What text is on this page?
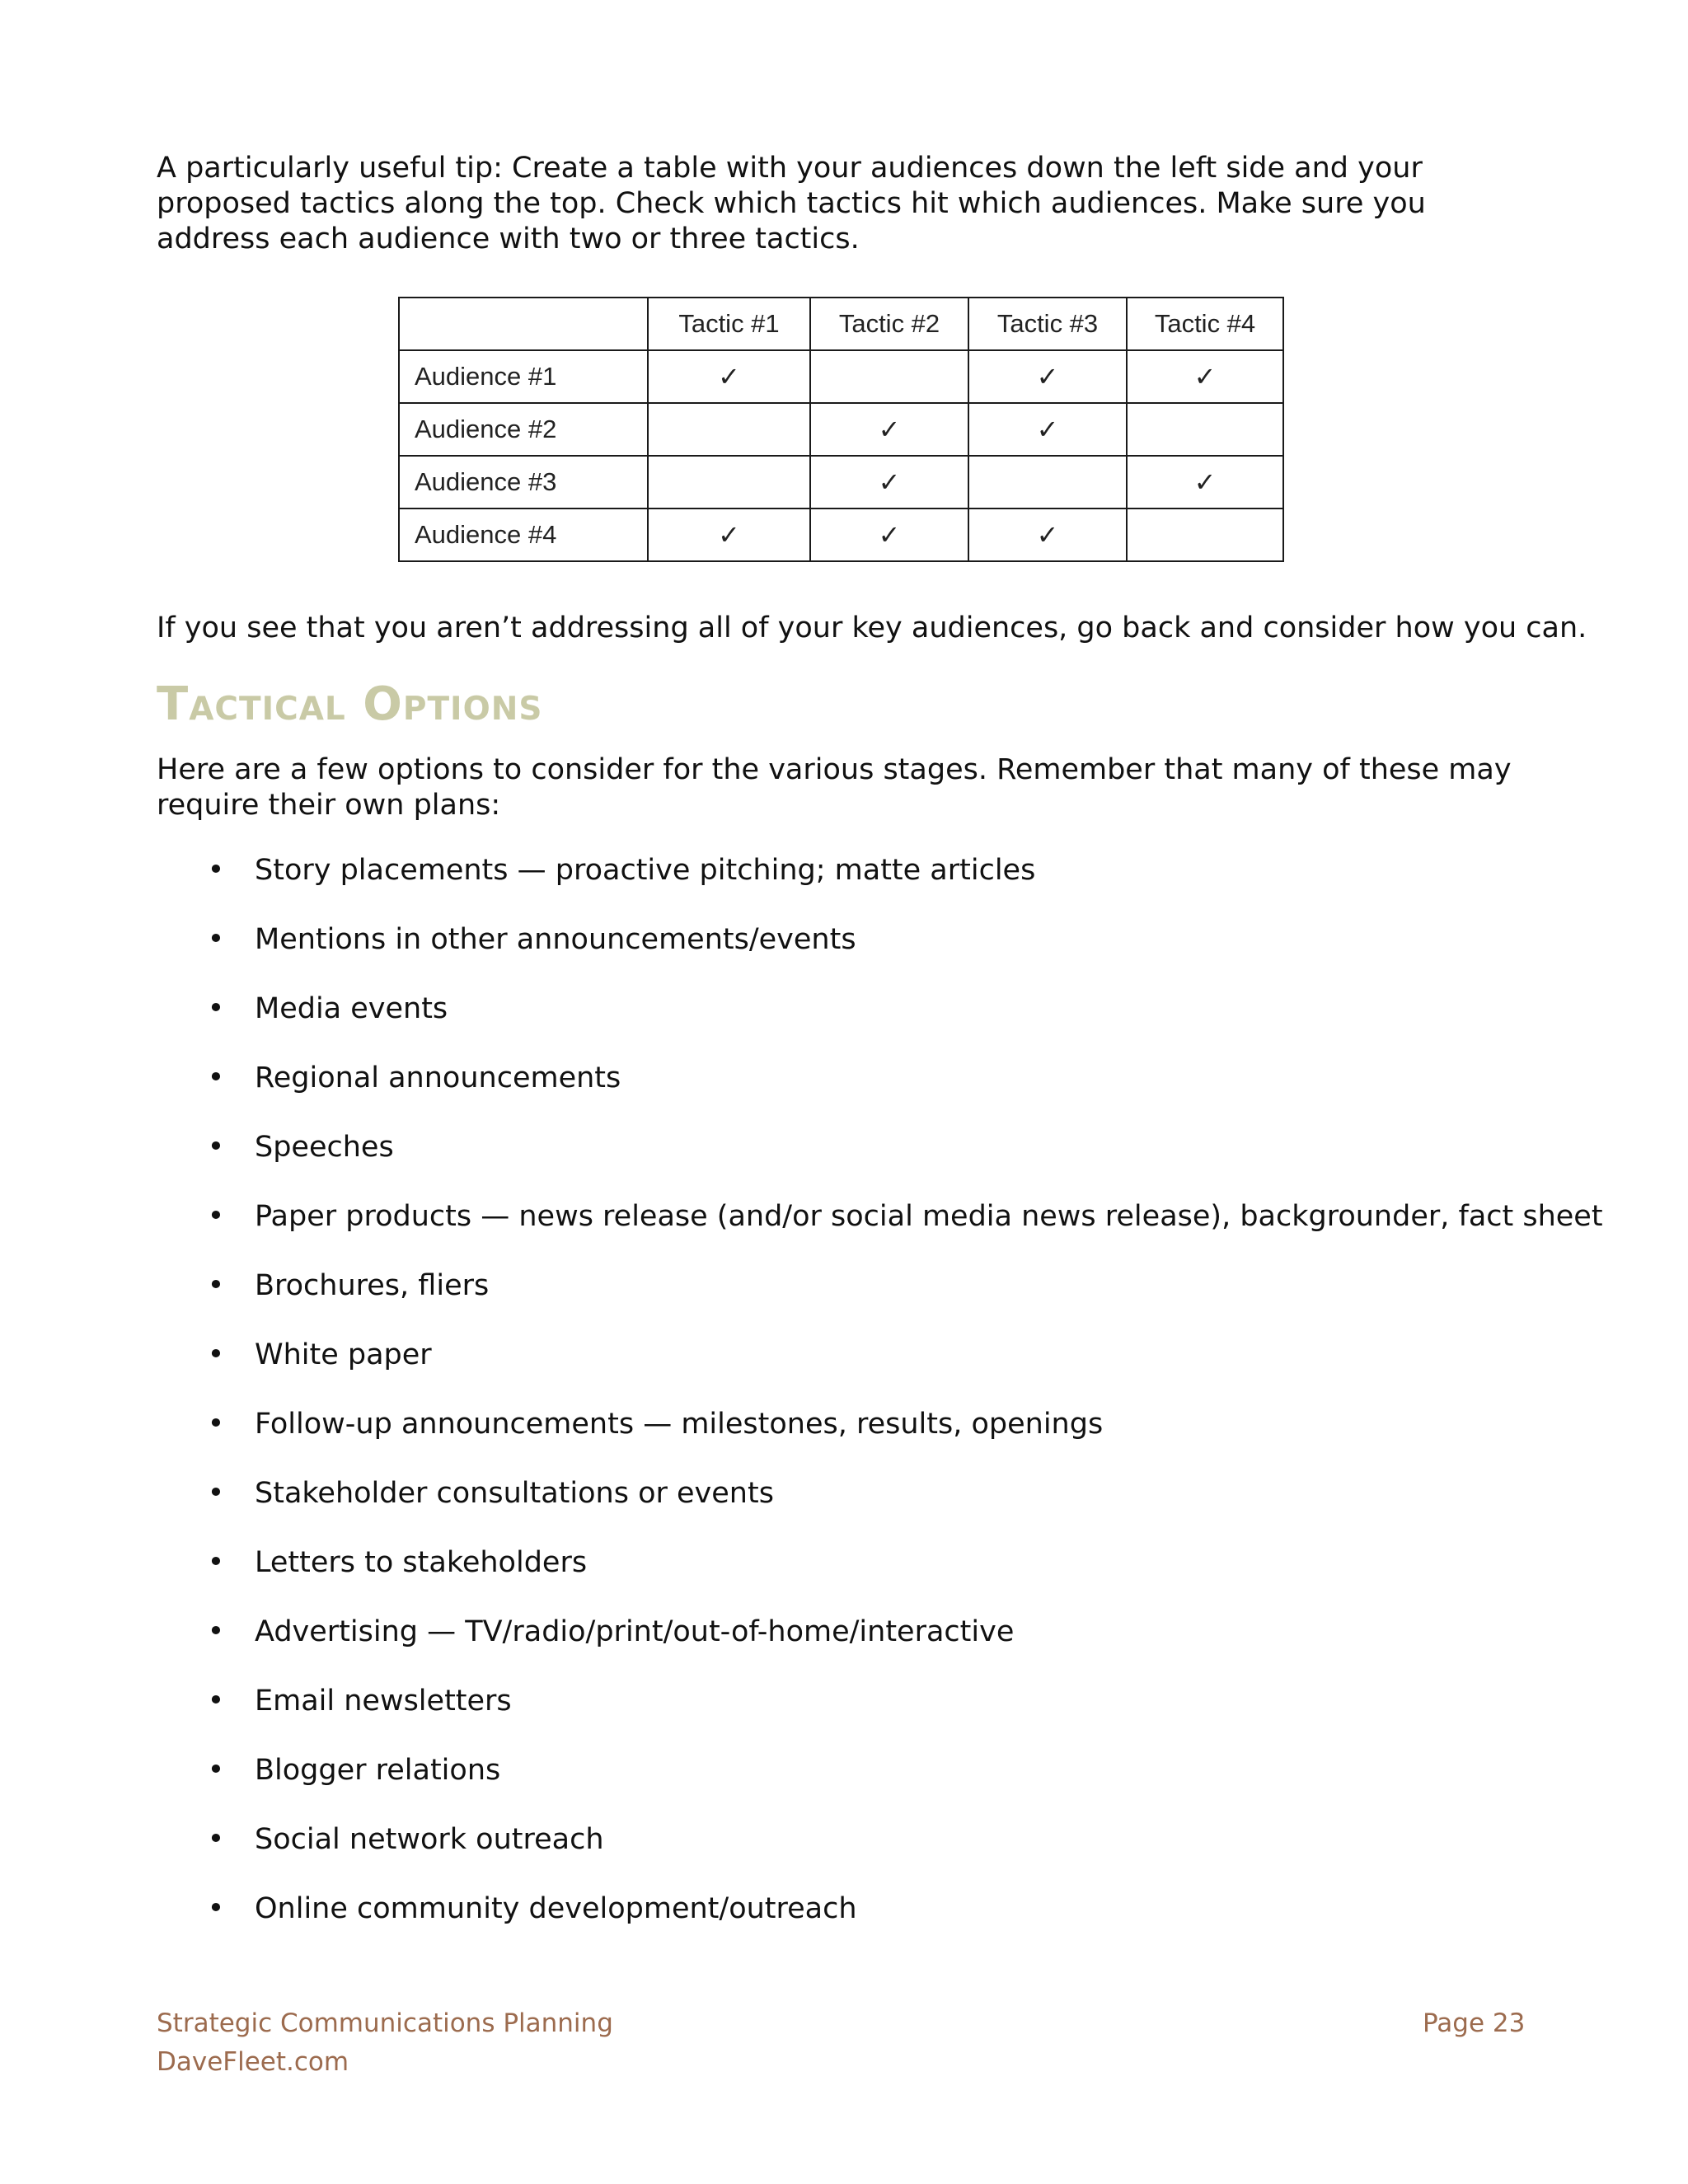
A particularly useful tip: Create a table with your audiences down the left side and your proposed tactics along the top. Check which tactics hit which audiences. Make sure you address each audience with two or three tactics.

	Tactic #1	Tactic #2	Tactic #3	Tactic #4
Audience #1	✓		✓	✓
Audience #2		✓	✓	
Audience #3		✓		✓
Audience #4	✓	✓	✓	

If you see that you aren’t addressing all of your key audiences, go back and consider how you can.

Tactical Options

Here are a few options to consider for the various stages. Remember that many of these may require their own plans:

• Story placements — proactive pitching; matte articles
• Mentions in other announcements/events
• Media events
• Regional announcements
• Speeches
• Paper products — news release (and/or social media news release), backgrounder, fact sheet
• Brochures, fliers
• White paper
• Follow-up announcements — milestones, results, openings
• Stakeholder consultations or events
• Letters to stakeholders
• Advertising — TV/radio/print/out-of-home/interactive
• Email newsletters
• Blogger relations
• Social network outreach
• Online community development/outreach
Strategic Communications Planning
DaveFleet.com
Page 23
